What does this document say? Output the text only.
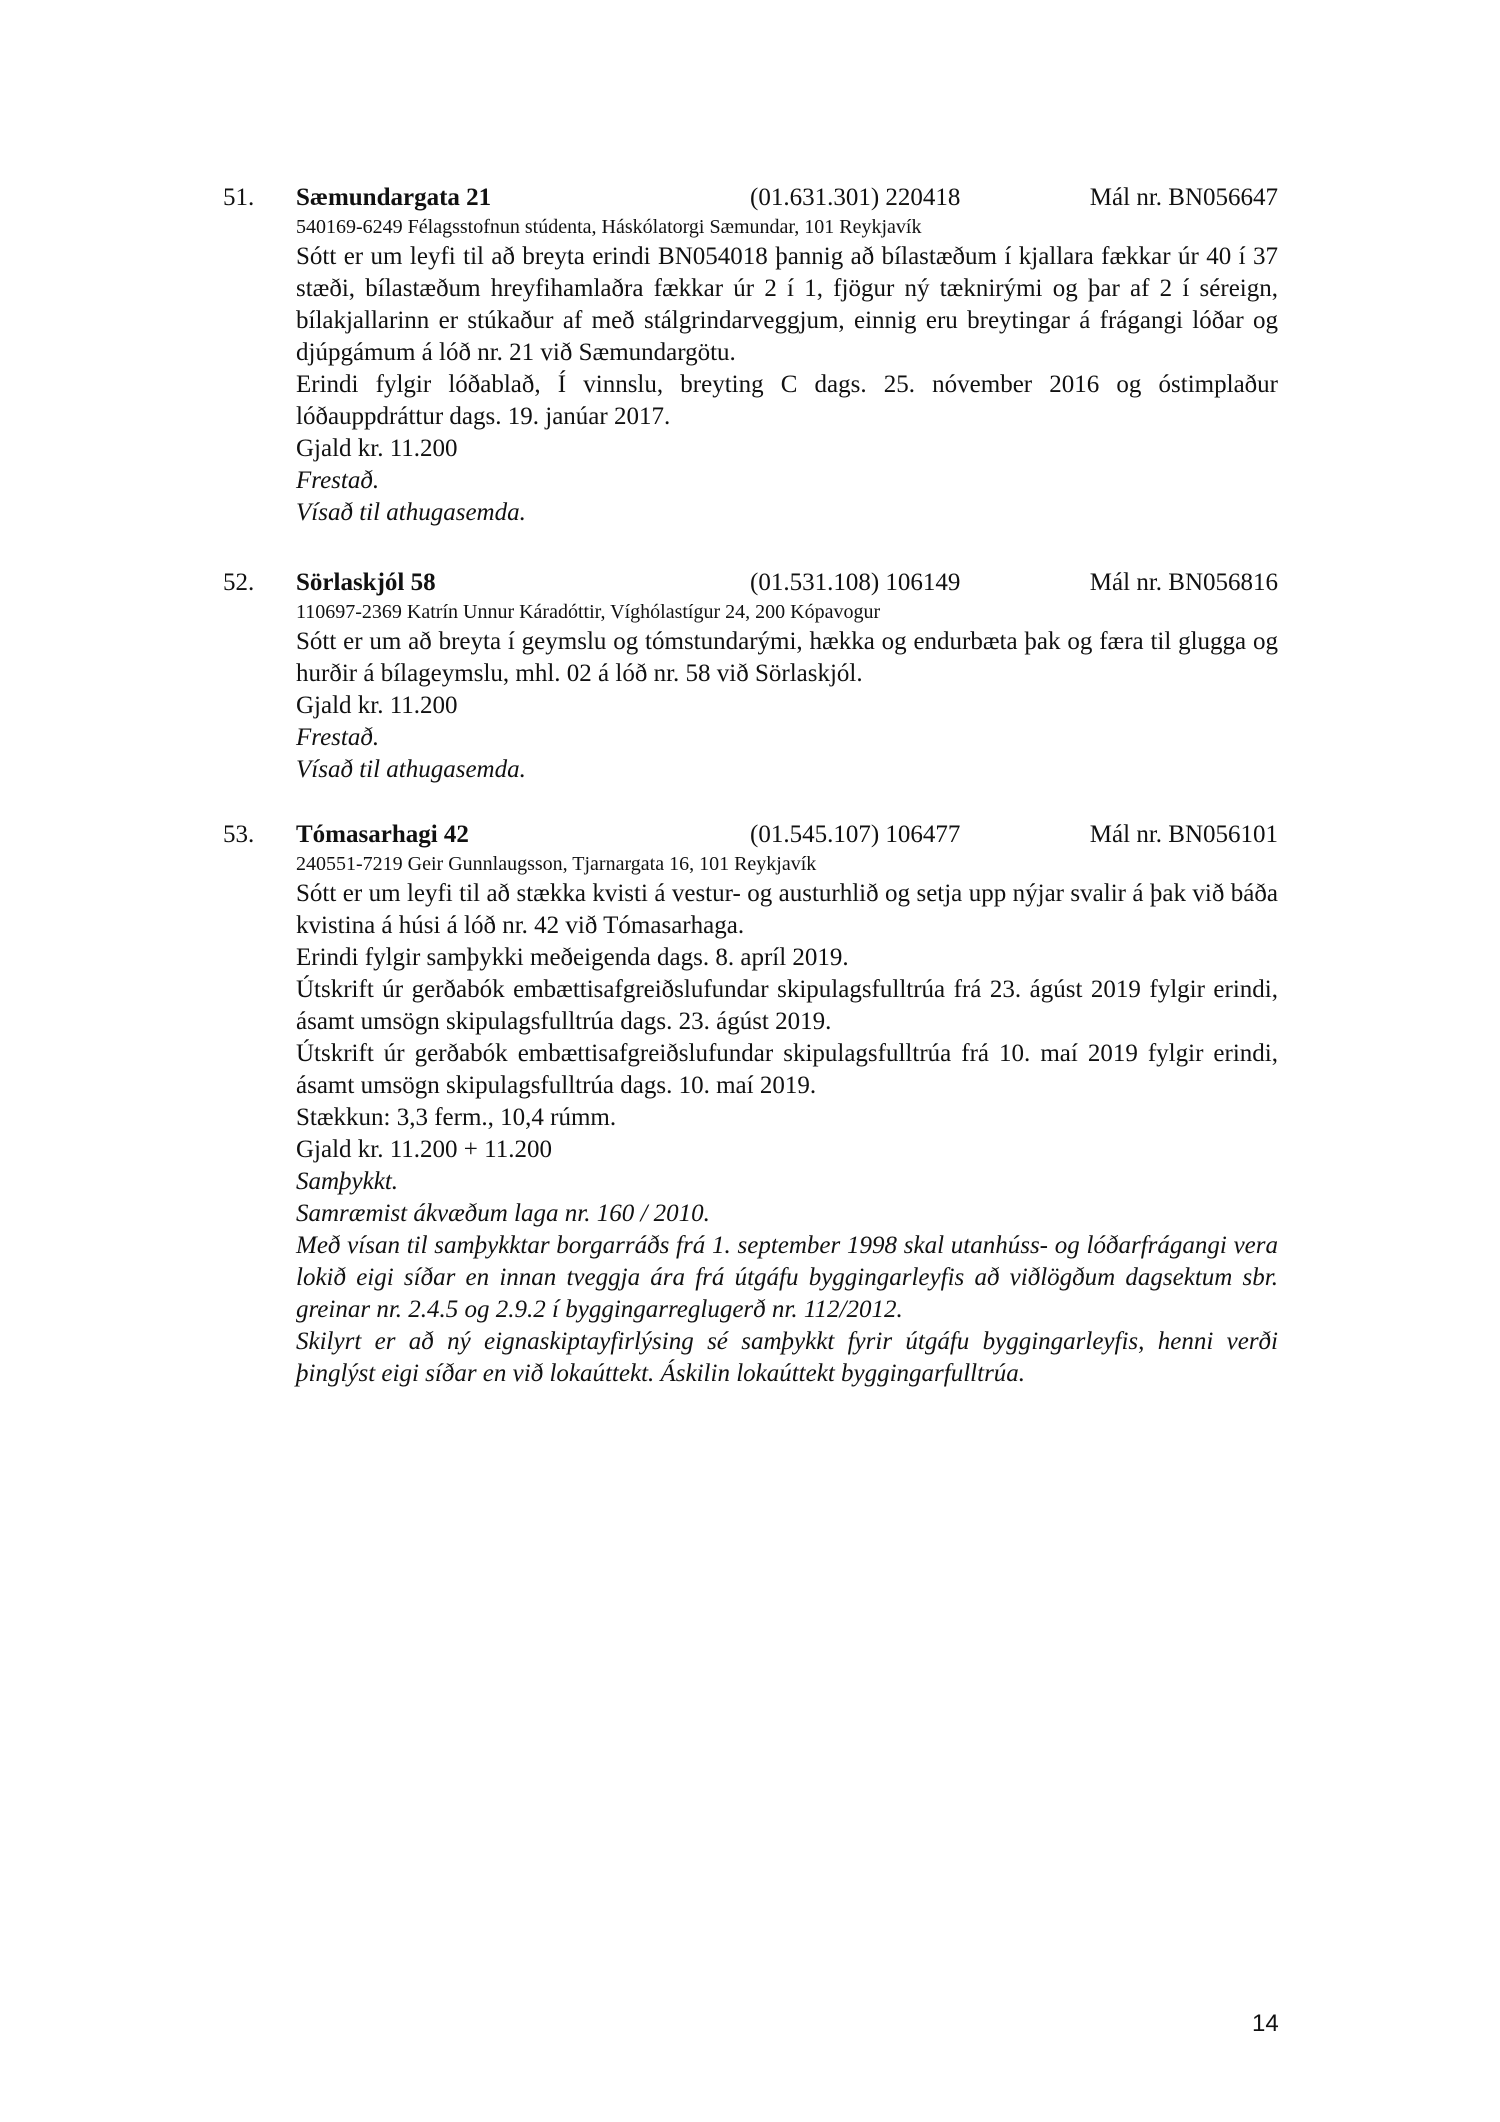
51. Sæmundargata 21	(01.631.301) 220418	Mál nr. BN056647
540169-6249 Félagsstofnun stúdenta, Háskólatorgi Sæmundar, 101 Reykjavík

Sótt er um leyfi til að breyta erindi BN054018 þannig að bílastæðum í kjallara fækkar úr 40 í 37 stæði, bílastæðum hreyfihamlaðra fækkar úr 2 í 1, fjögur ný tæknirými og þar af 2 í séreign, bílakjallarinn er stúkaður af með stálgrindarveggjum, einnig eru breytingar á frágangi lóðar og djúpgámum á lóð nr. 21 við Sæmundargötu.

Erindi fylgir lóðablað, Í vinnslu, breyting C dags. 25. nóvember 2016 og óstimplaður lóðauppdráttur dags. 19. janúar 2017.

Gjald kr. 11.200

Frestað.

Vísað til athugasemda.

52. Sörlaskjól 58	(01.531.108) 106149	Mál nr. BN056816
110697-2369 Katrín Unnur Káradóttir, Víghólastígur 24, 200 Kópavogur

Sótt er um að breyta í geymslu og tómstundarými, hækka og endurbæta þak og færa til glugga og hurðir á bílageymslu, mhl. 02 á lóð nr. 58 við Sörlaskjól.

Gjald kr. 11.200

Frestað.

Vísað til athugasemda.

53. Tómasarhagi 42	(01.545.107) 106477	Mál nr. BN056101
240551-7219 Geir Gunnlaugsson, Tjarnargata 16, 101 Reykjavík

Sótt er um leyfi til að stækka kvisti á vestur- og austurhlið og setja upp nýjar svalir á þak við báða kvistina á húsi á lóð nr. 42 við Tómasarhaga.

Erindi fylgir samþykki meðeigenda dags. 8. apríl 2019.

Útskrift úr gerðabók embættisafgreiðslufundar skipulagsfulltrúa frá 23. ágúst 2019 fylgir erindi, ásamt umsögn skipulagsfulltrúa dags. 23. ágúst 2019.

Útskrift úr gerðabók embættisafgreiðslufundar skipulagsfulltrúa frá 10. maí 2019 fylgir erindi, ásamt umsögn skipulagsfulltrúa dags. 10. maí 2019.

Stækkun: 3,3 ferm., 10,4 rúmm.

Gjald kr. 11.200 + 11.200

Samþykkt.

Samræmist ákvæðum laga nr. 160 / 2010.

Með vísan til samþykktar borgarráðs frá 1. september 1998 skal utanhúss- og lóðarfrágangi vera lokið eigi síðar en innan tveggja ára frá útgáfu byggingarleyfis að viðlögðum dagsektum sbr. greinar nr. 2.4.5 og 2.9.2 í byggingarreglugerð nr. 112/2012.

Skilyrt er að ný eignaskiptayfirlýsing sé samþykkt fyrir útgáfu byggingarleyfis, henni verði þinglýst eigi síðar en við lokaúttekt. Áskilin lokaúttekt byggingarfulltrúa.

14
